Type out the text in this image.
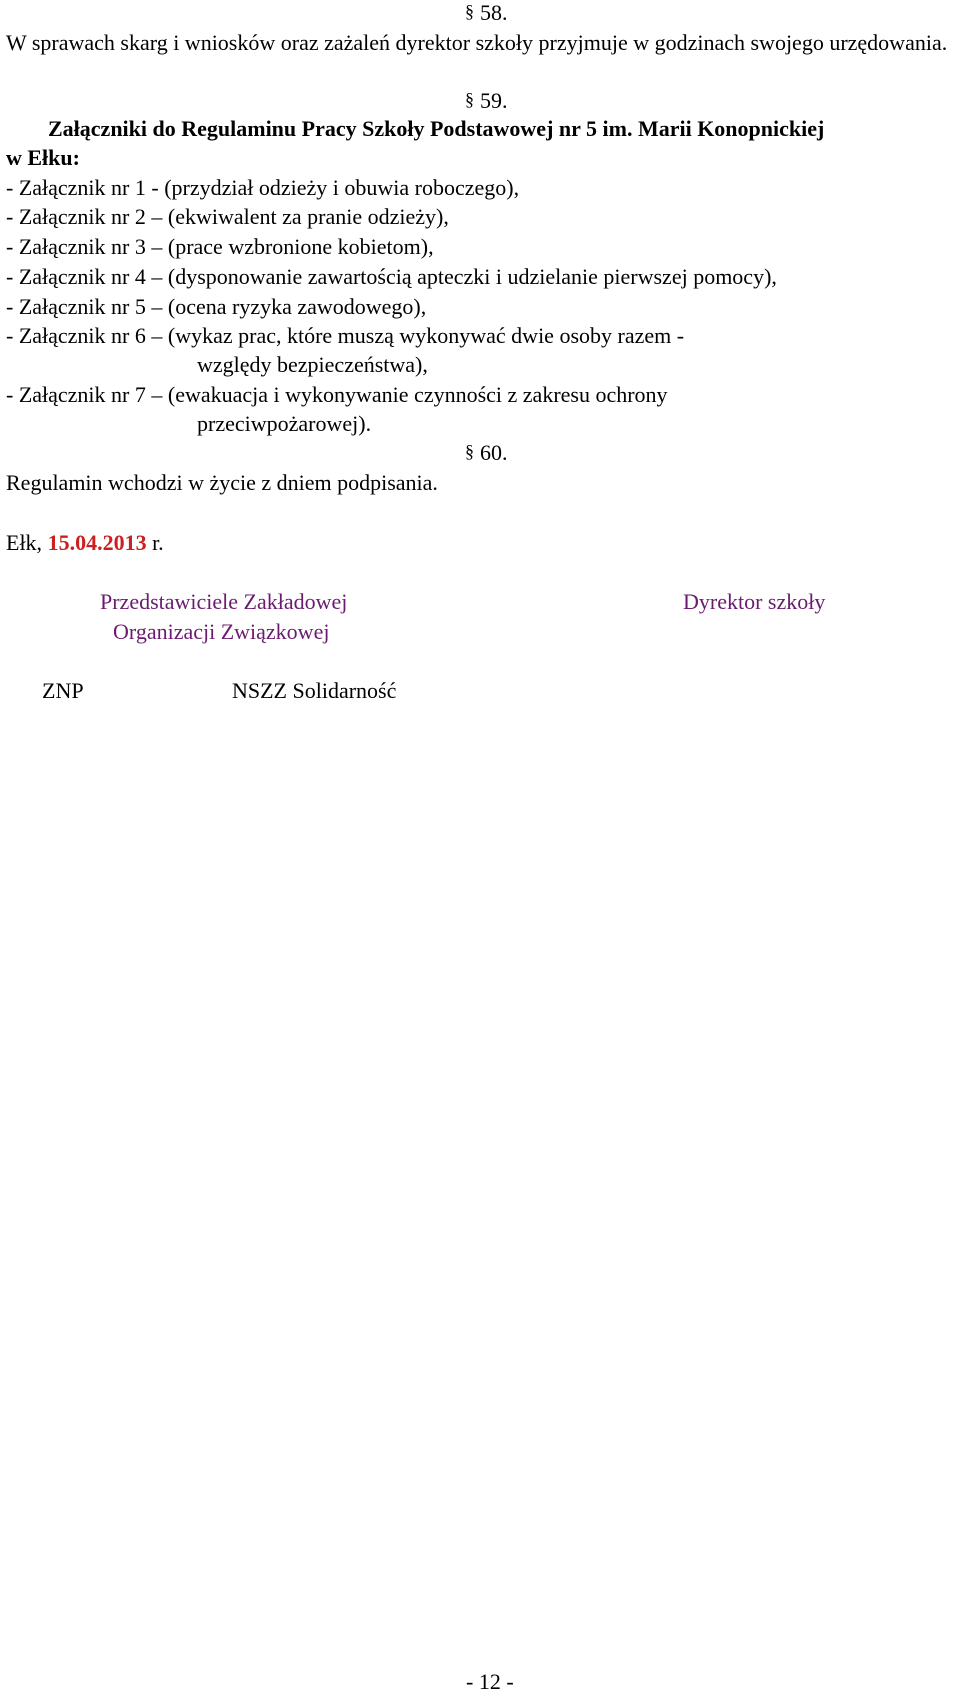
§ 58.
W sprawach skarg i wniosków oraz zażaleń dyrektor szkoły przyjmuje w godzinach swojego urzędowania.
§ 59.
Załączniki do Regulaminu Pracy Szkoły Podstawowej nr 5 im. Marii Konopnickiej
w Ełku:
- Załącznik nr 1 - (przydział odzieży i obuwia roboczego),
- Załącznik nr 2 – (ekwiwalent za pranie odzieży),
- Załącznik nr 3 – (prace wzbronione kobietom),
- Załącznik nr 4 – (dysponowanie zawartością apteczki i udzielanie pierwszej pomocy),
- Załącznik nr 5 – (ocena ryzyka zawodowego),
- Załącznik nr 6 – (wykaz prac, które muszą wykonywać dwie osoby razem -
względy bezpieczeństwa),
- Załącznik nr 7 – (ewakuacja i wykonywanie czynności z zakresu ochrony
przeciwpożarowej).
§ 60.
Regulamin wchodzi w życie z dniem podpisania.
Ełk, 15.04.2013 r.
Przedstawiciele Zakładowej
Organizacji Związkowej
Dyrektor szkoły
ZNP	NSZZ Solidarność
- 12 -
